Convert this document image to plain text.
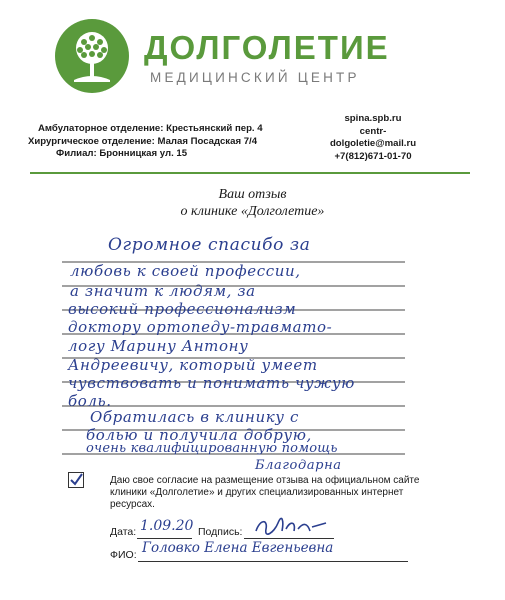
ДОЛГОЛЕТИЕ
МЕДИЦИНСКИЙ ЦЕНТР
Амбулаторное отделение: Крестьянский пер. 4
Хирургическое отделение: Малая Посадская 7/4
Филиал: Бронницкая ул. 15
spina.spb.ru
centr-dolgoletie@mail.ru
+7(812)671-01-70
Ваш отзыв
о клинике «Долголетие»
Огромное спасибо за
любовь к своей профессии,
а значит к людям, за
высокий профессионализм
доктору ортопеду-травмато-
логу Марину Антону
Андреевичу, который умеет
чувствовать и понимать чужую
боль.
Обратилась в клинику с
болью и получила добрую,
очень квалифицированную помощь
Благодарна
Даю свое согласие на размещение отзыва на официальном сайте клиники «Долголетие» и других специализированных интернет ресурсах.
Дата: 1.09.20 Подпись:
ФИО: Головко Елена Евгеньевна
